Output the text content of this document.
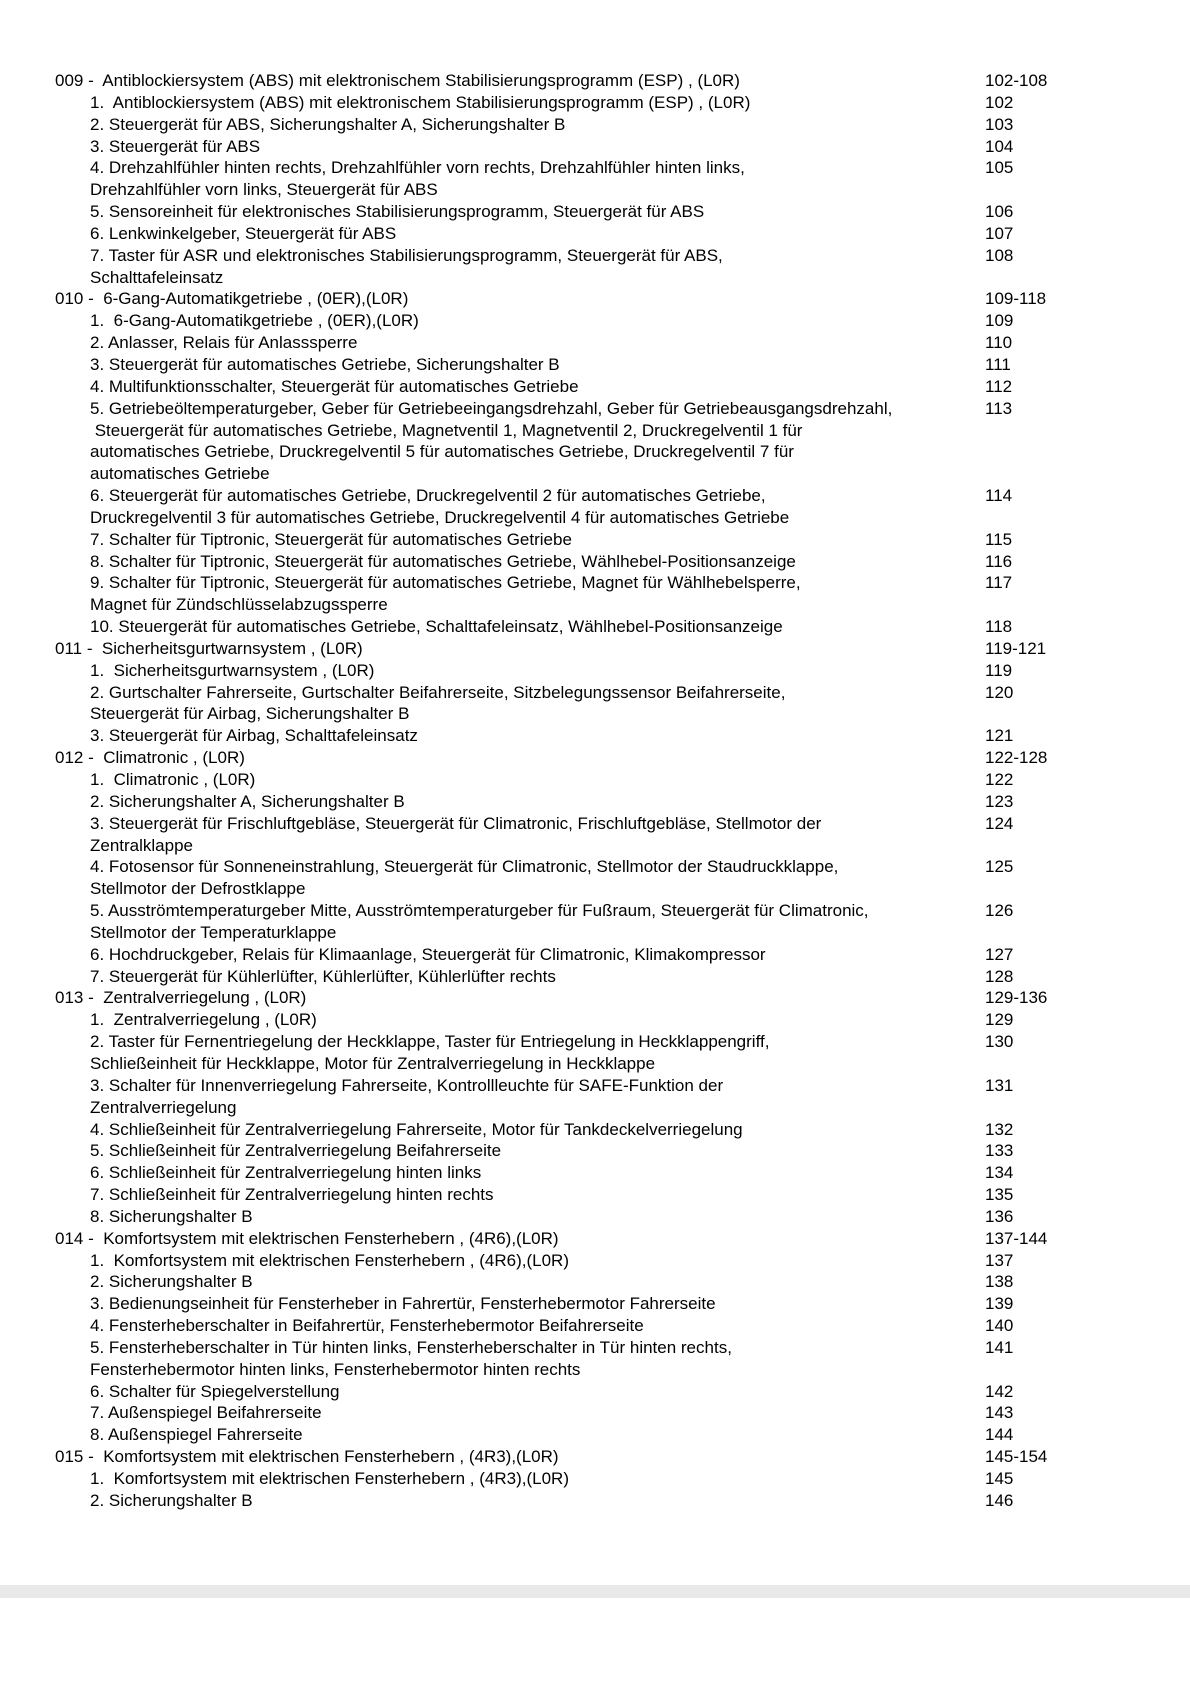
009 -  Antiblockiersystem (ABS) mit elektronischem Stabilisierungsprogramm (ESP) , (L0R)	102-108
1.  Antiblockiersystem (ABS) mit elektronischem Stabilisierungsprogramm (ESP) , (L0R)	102
2. Steuergerät für ABS, Sicherungshalter A, Sicherungshalter B	103
3. Steuergerät für ABS	104
4. Drehzahlfühler hinten rechts, Drehzahlfühler vorn rechts, Drehzahlfühler hinten links,	105
Drehzahlfühler vorn links, Steuergerät für ABS
5. Sensoreinheit für elektronisches Stabilisierungsprogramm, Steuergerät für ABS	106
6. Lenkwinkelgeber, Steuergerät für ABS	107
7. Taster für ASR und elektronisches Stabilisierungsprogramm, Steuergerät für ABS,	108
Schalttafeleinsatz
010 -  6-Gang-Automatikgetriebe , (0ER),(L0R)	109-118
1.  6-Gang-Automatikgetriebe , (0ER),(L0R)	109
2. Anlasser, Relais für Anlasssperre	110
3. Steuergerät für automatisches Getriebe, Sicherungshalter B	111
4. Multifunktionsschalter, Steuergerät für automatisches Getriebe	112
5. Getriebeöltemperaturgeber, Geber für Getriebeeingangsdrehzahl, Geber für Getriebeausgangsdrehzahl,	113
Steuergerät für automatisches Getriebe, Magnetventil 1, Magnetventil 2, Druckregelventil 1 für
automatisches Getriebe, Druckregelventil 5 für automatisches Getriebe, Druckregelventil 7 für
automatisches Getriebe
6. Steuergerät für automatisches Getriebe, Druckregelventil 2 für automatisches Getriebe,	114
Druckregelventil 3 für automatisches Getriebe, Druckregelventil 4 für automatisches Getriebe
7. Schalter für Tiptronic, Steuergerät für automatisches Getriebe	115
8. Schalter für Tiptronic, Steuergerät für automatisches Getriebe, Wählhebel-Positionsanzeige	116
9. Schalter für Tiptronic, Steuergerät für automatisches Getriebe, Magnet für Wählhebelsperre,	117
Magnet für Zündschlüsselabzugssperre
10. Steuergerät für automatisches Getriebe, Schalttafeleinsatz, Wählhebel-Positionsanzeige	118
011 -  Sicherheitsgurtwarnsystem , (L0R)	119-121
1.  Sicherheitsgurtwarnsystem , (L0R)	119
2. Gurtschalter Fahrerseite, Gurtschalter Beifahrerseite, Sitzbelegungssensor Beifahrerseite,	120
Steuergerät für Airbag, Sicherungshalter B
3. Steuergerät für Airbag, Schalttafeleinsatz	121
012 -  Climatronic , (L0R)	122-128
1.  Climatronic , (L0R)	122
2. Sicherungshalter A, Sicherungshalter B	123
3. Steuergerät für Frischluftgebläse, Steuergerät für Climatronic, Frischluftgebläse, Stellmotor der	124
Zentralklappe
4. Fotosensor für Sonneneinstrahlung, Steuergerät für Climatronic, Stellmotor der Staudruckklappe,	125
Stellmotor der Defrostklappe
5. Ausströmtemperaturgeber Mitte, Ausströmtemperaturgeber für Fußraum, Steuergerät für Climatronic,	126
Stellmotor der Temperaturklappe
6. Hochdruckgeber, Relais für Klimaanlage, Steuergerät für Climatronic, Klimakompressor	127
7. Steuergerät für Kühlerlüfter, Kühlerlüfter, Kühlerlüfter rechts	128
013 -  Zentralverriegelung , (L0R)	129-136
1.  Zentralverriegelung , (L0R)	129
2. Taster für Fernentriegelung der Heckklappe, Taster für Entriegelung in Heckklappengriff,	130
Schließeinheit für Heckklappe, Motor für Zentralverriegelung in Heckklappe
3. Schalter für Innenverriegelung Fahrerseite, Kontrollleuchte für SAFE-Funktion der	131
Zentralverriegelung
4. Schließeinheit für Zentralverriegelung Fahrerseite, Motor für Tankdeckelverriegelung	132
5. Schließeinheit für Zentralverriegelung Beifahrerseite	133
6. Schließeinheit für Zentralverriegelung hinten links	134
7. Schließeinheit für Zentralverriegelung hinten rechts	135
8. Sicherungshalter B	136
014 -  Komfortsystem mit elektrischen Fensterhebern , (4R6),(L0R)	137-144
1.  Komfortsystem mit elektrischen Fensterhebern , (4R6),(L0R)	137
2. Sicherungshalter B	138
3. Bedienungseinheit für Fensterheber in Fahrertür, Fensterhebermotor Fahrerseite	139
4. Fensterheberschalter in Beifahrertür, Fensterhebermotor Beifahrerseite	140
5. Fensterheberschalter in Tür hinten links, Fensterheberschalter in Tür hinten rechts,	141
Fensterhebermotor hinten links, Fensterhebermotor hinten rechts
6. Schalter für Spiegelverstellung	142
7. Außenspiegel Beifahrerseite	143
8. Außenspiegel Fahrerseite	144
015 -  Komfortsystem mit elektrischen Fensterhebern , (4R3),(L0R)	145-154
1.  Komfortsystem mit elektrischen Fensterhebern , (4R3),(L0R)	145
2. Sicherungshalter B	146
